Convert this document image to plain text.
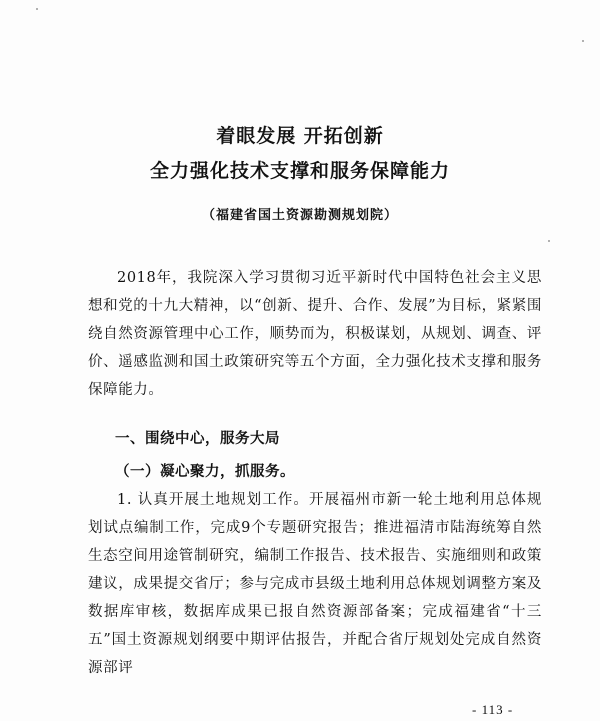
着眼发展 开拓创新
全力强化技术支撑和服务保障能力
（福建省国土资源勘测规划院）

2018年，我院深入学习贯彻习近平新时代中国特色社会主义思想和党的十九大精神，以“创新、提升、合作、发展”为目标，紧紧围绕自然资源管理中心工作，顺势而为，积极谋划，从规划、调查、评价、遥感监测和国土政策研究等五个方面，全力强化技术支撑和服务保障能力。

一、围绕中心，服务大局
（一）凝心聚力，抓服务。

1. 认真开展土地规划工作。开展福州市新一轮土地利用总体规划试点编制工作，完成9个专题研究报告；推进福清市陆海统筹自然生态空间用途管制研究，编制工作报告、技术报告、实施细则和政策建议，成果提交省厅；参与完成市县级土地利用总体规划调整方案及数据库审核，数据库成果已报自然资源部备案；完成福建省“十三五”国土资源规划纲要中期评估报告，并配合省厅规划处完成自然资源部评

- 113 -
